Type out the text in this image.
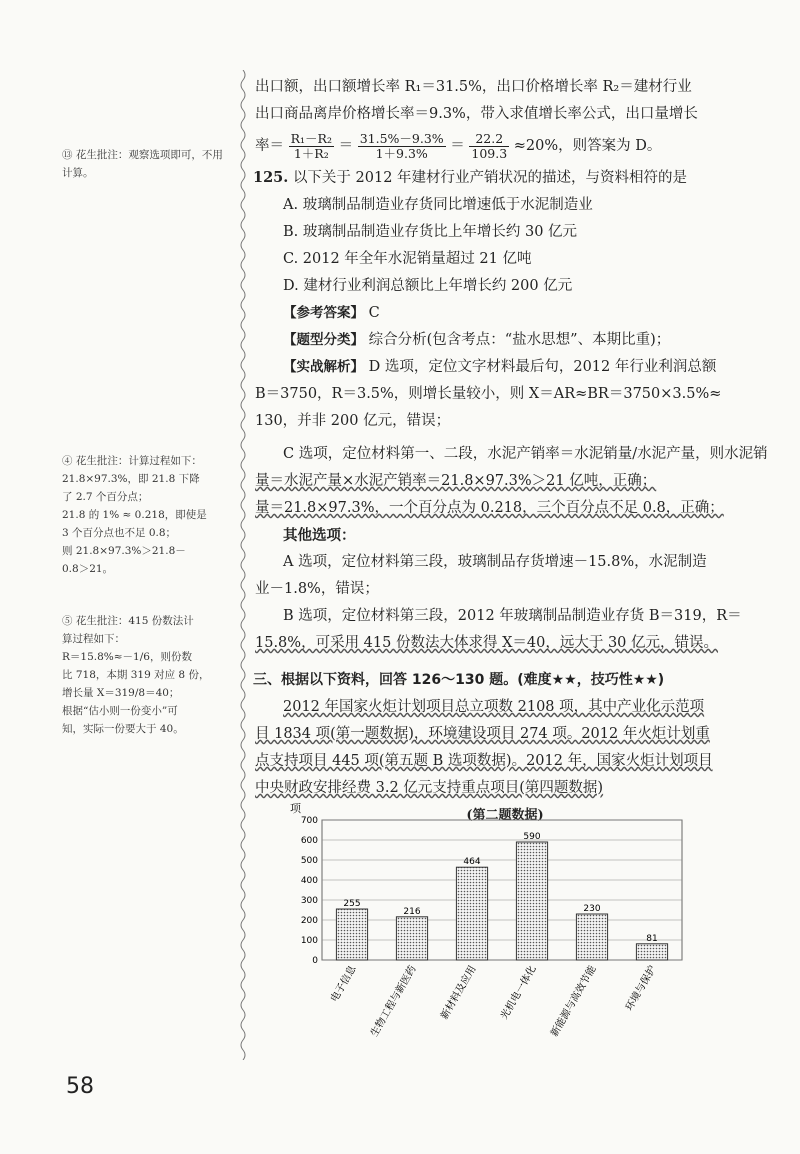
⑬ 花生批注：观察选项即可，不用计算。
④ 花生批注：计算过程如下：
21.8×97.3%，即 21.8 下降
了 2.7 个百分点；
21.8 的 1% ≈ 0.218，即使是
3 个百分点也不足 0.8；
则 21.8×97.3%＞21.8－
0.8＞21。
⑤ 花生批注：415 份数法计
算过程如下：
R＝15.8%≈－1/6，则份数
比 718，本期 319 对应 8 份，
增长量 X＝319/8＝40；
根据“估小则一份变小”可
知，实际一份要大于 40。
出口额，出口额增长率 R₁＝31.5%，出口价格增长率 R₂＝建材行业
出口商品离岸价格增长率＝9.3%，带入求值增长率公式，出口量增长
率＝ $\frac{\text{R₁－R₂}}{\text{1＋R₂}} = \frac{31.5\%-9.3\%}{1+9.3\%} = \frac{22.2}{109.3} \approx 20\%$，则答案为 D。
125. 以下关于 2012 年建材行业产销状况的描述，与资料相符的是
A. 玻璃制品制造业存货同比增速低于水泥制造业
B. 玻璃制品制造业存货比上年增长约 30 亿元
C. 2012 年全年水泥销量超过 21 亿吨
D. 建材行业利润总额比上年增长约 200 亿元
【参考答案】 C
【题型分类】 综合分析(包含考点：“盐水思想”、本期比重)；
【实战解析】 D 选项，定位文字材料最后句，2012 年行业利润总额
B＝3750，R＝3.5%，则增长量较小，则 X＝AR≈BR＝3750×3.5%≈
130，并非 200 亿元，错误；
C 选项，定位材料第一、二段，水泥产销率＝水泥销量/水泥产量，则水泥销
量＝水泥产量×水泥产销率＝21.8×97.3%＞21 亿吨，正确；
量＝21.8×97.3%，一个百分点为 0.218，三个百分点不足 0.8，正确；
其他选项：
A 选项，定位材料第三段，玻璃制品存货增速－15.8%，水泥制造
业－1.8%，错误；
B 选项，定位材料第三段，2012 年玻璃制品制造业存货 B＝319，R＝
15.8%，可采用 415 份数法大体求得 X＝40，远大于 30 亿元，错误。
三、根据以下资料，回答 126～130 题。(难度★★，技巧性★★)
2012 年国家火炬计划项目总立项数 2108 项，其中产业化示范项
目 1834 项(第一题数据)，环境建设项目 274 项。2012 年火炬计划重
点支持项目 445 项(第五题 B 选项数据)。2012 年，国家火炬计划项目
中央财政安排经费 3.2 亿元支持重点项目(第四题数据)
(第二题数据)
项
0
100
200
300
400
500
600
700
255
电子信息
216
生物工程与新医药
464
新材料及应用
590
光机电一体化
230
新能源与高效节能
81
环境与保护
58
